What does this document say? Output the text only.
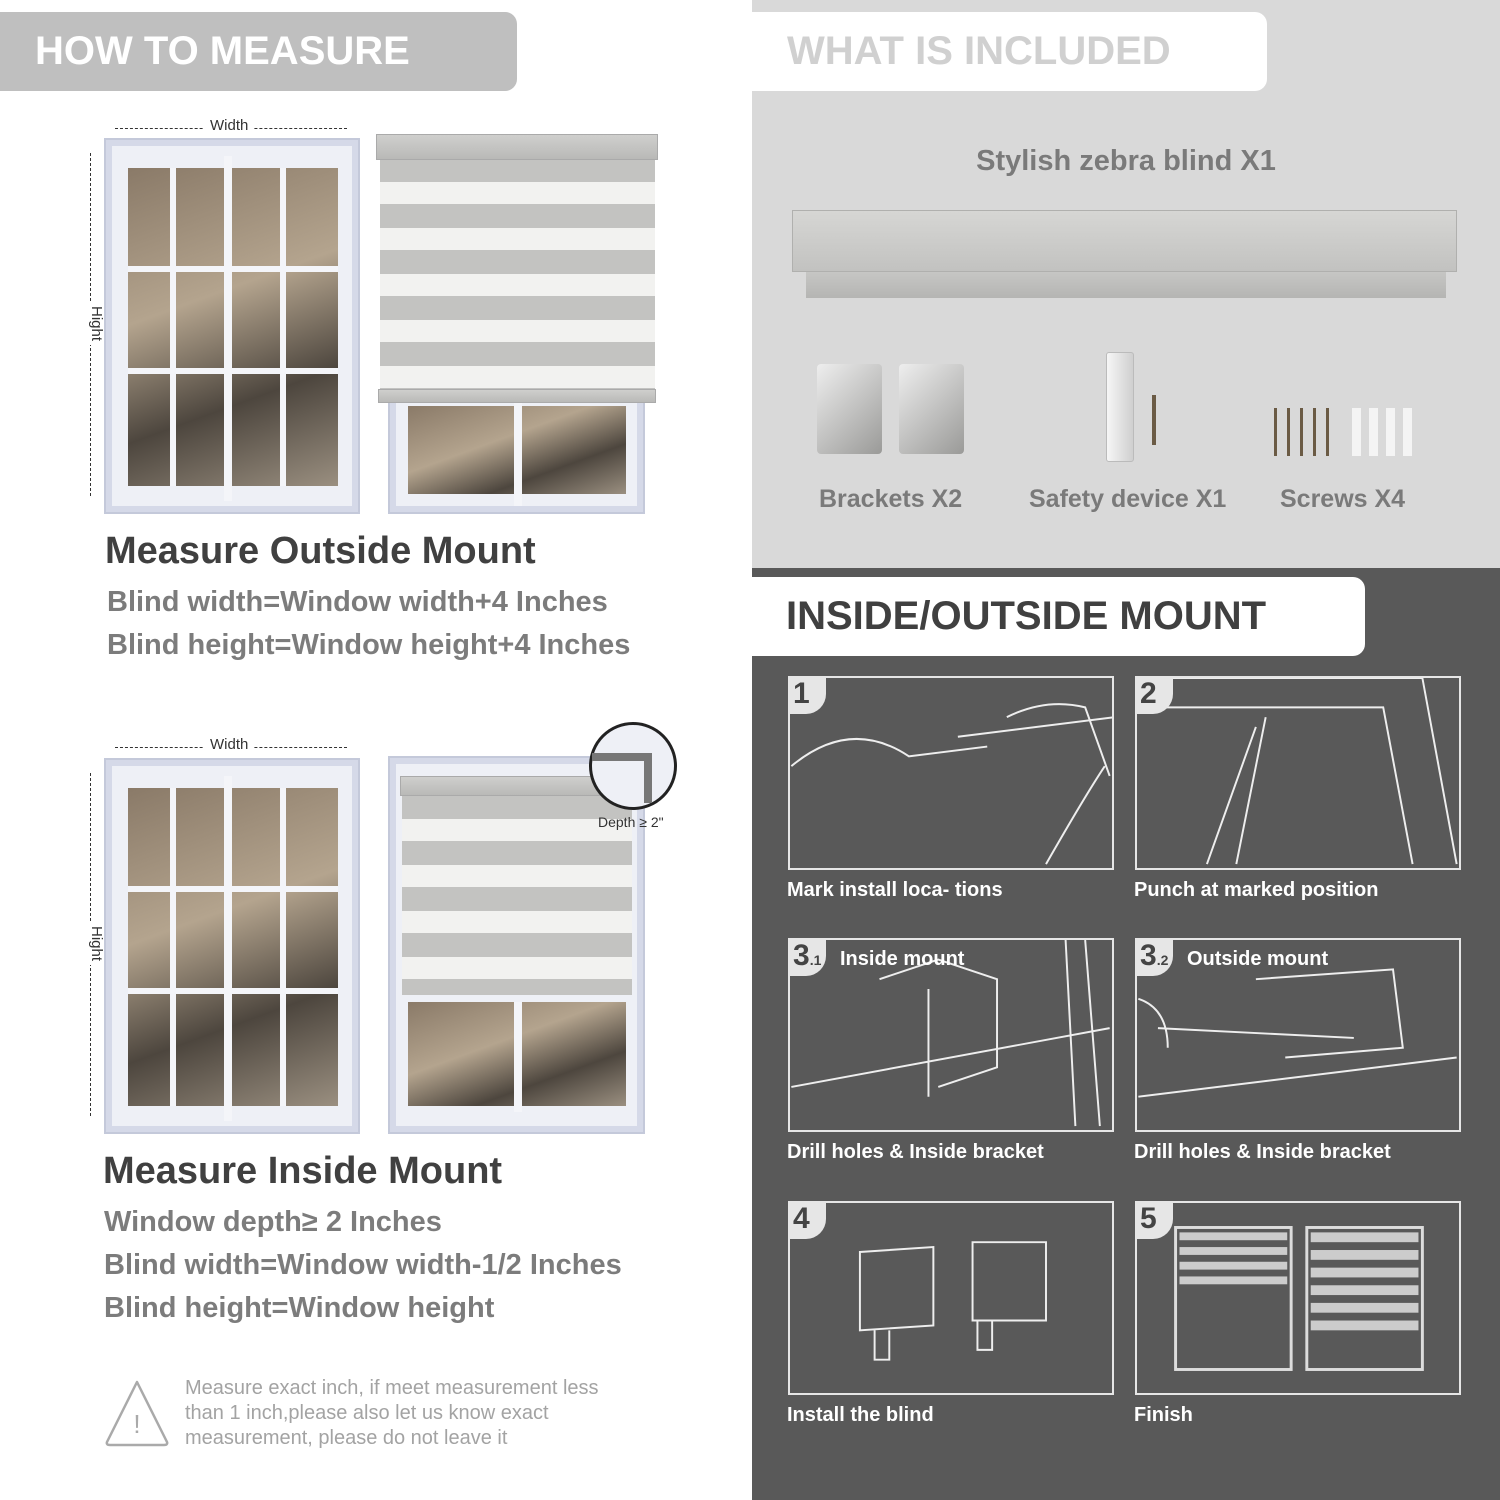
HOW TO MEASURE
Width
Hight
Measure Outside Mount
Blind width=Window width+4 Inches
Blind height=Window height+4 Inches
Width
Hight
Depth ≥ 2"
Measure Inside Mount
Window depth≥ 2 Inches
Blind width=Window width-1/2 Inches
Blind height=Window height
!
Measure exact inch, if meet measurement less
than 1 inch,please also let us know exact
measurement, please do not leave it
WHAT IS INCLUDED
Stylish zebra blind X1
Brackets X2	Safety device X1 Screws X4
INSIDE/OUTSIDE MOUNT
1
Mark install loca- tions
2
Punch at marked position
3.1 Inside mount
Drill holes & Inside bracket
3.2 Outside mount
Drill holes & Inside bracket
4
Install the blind
5
Finish
